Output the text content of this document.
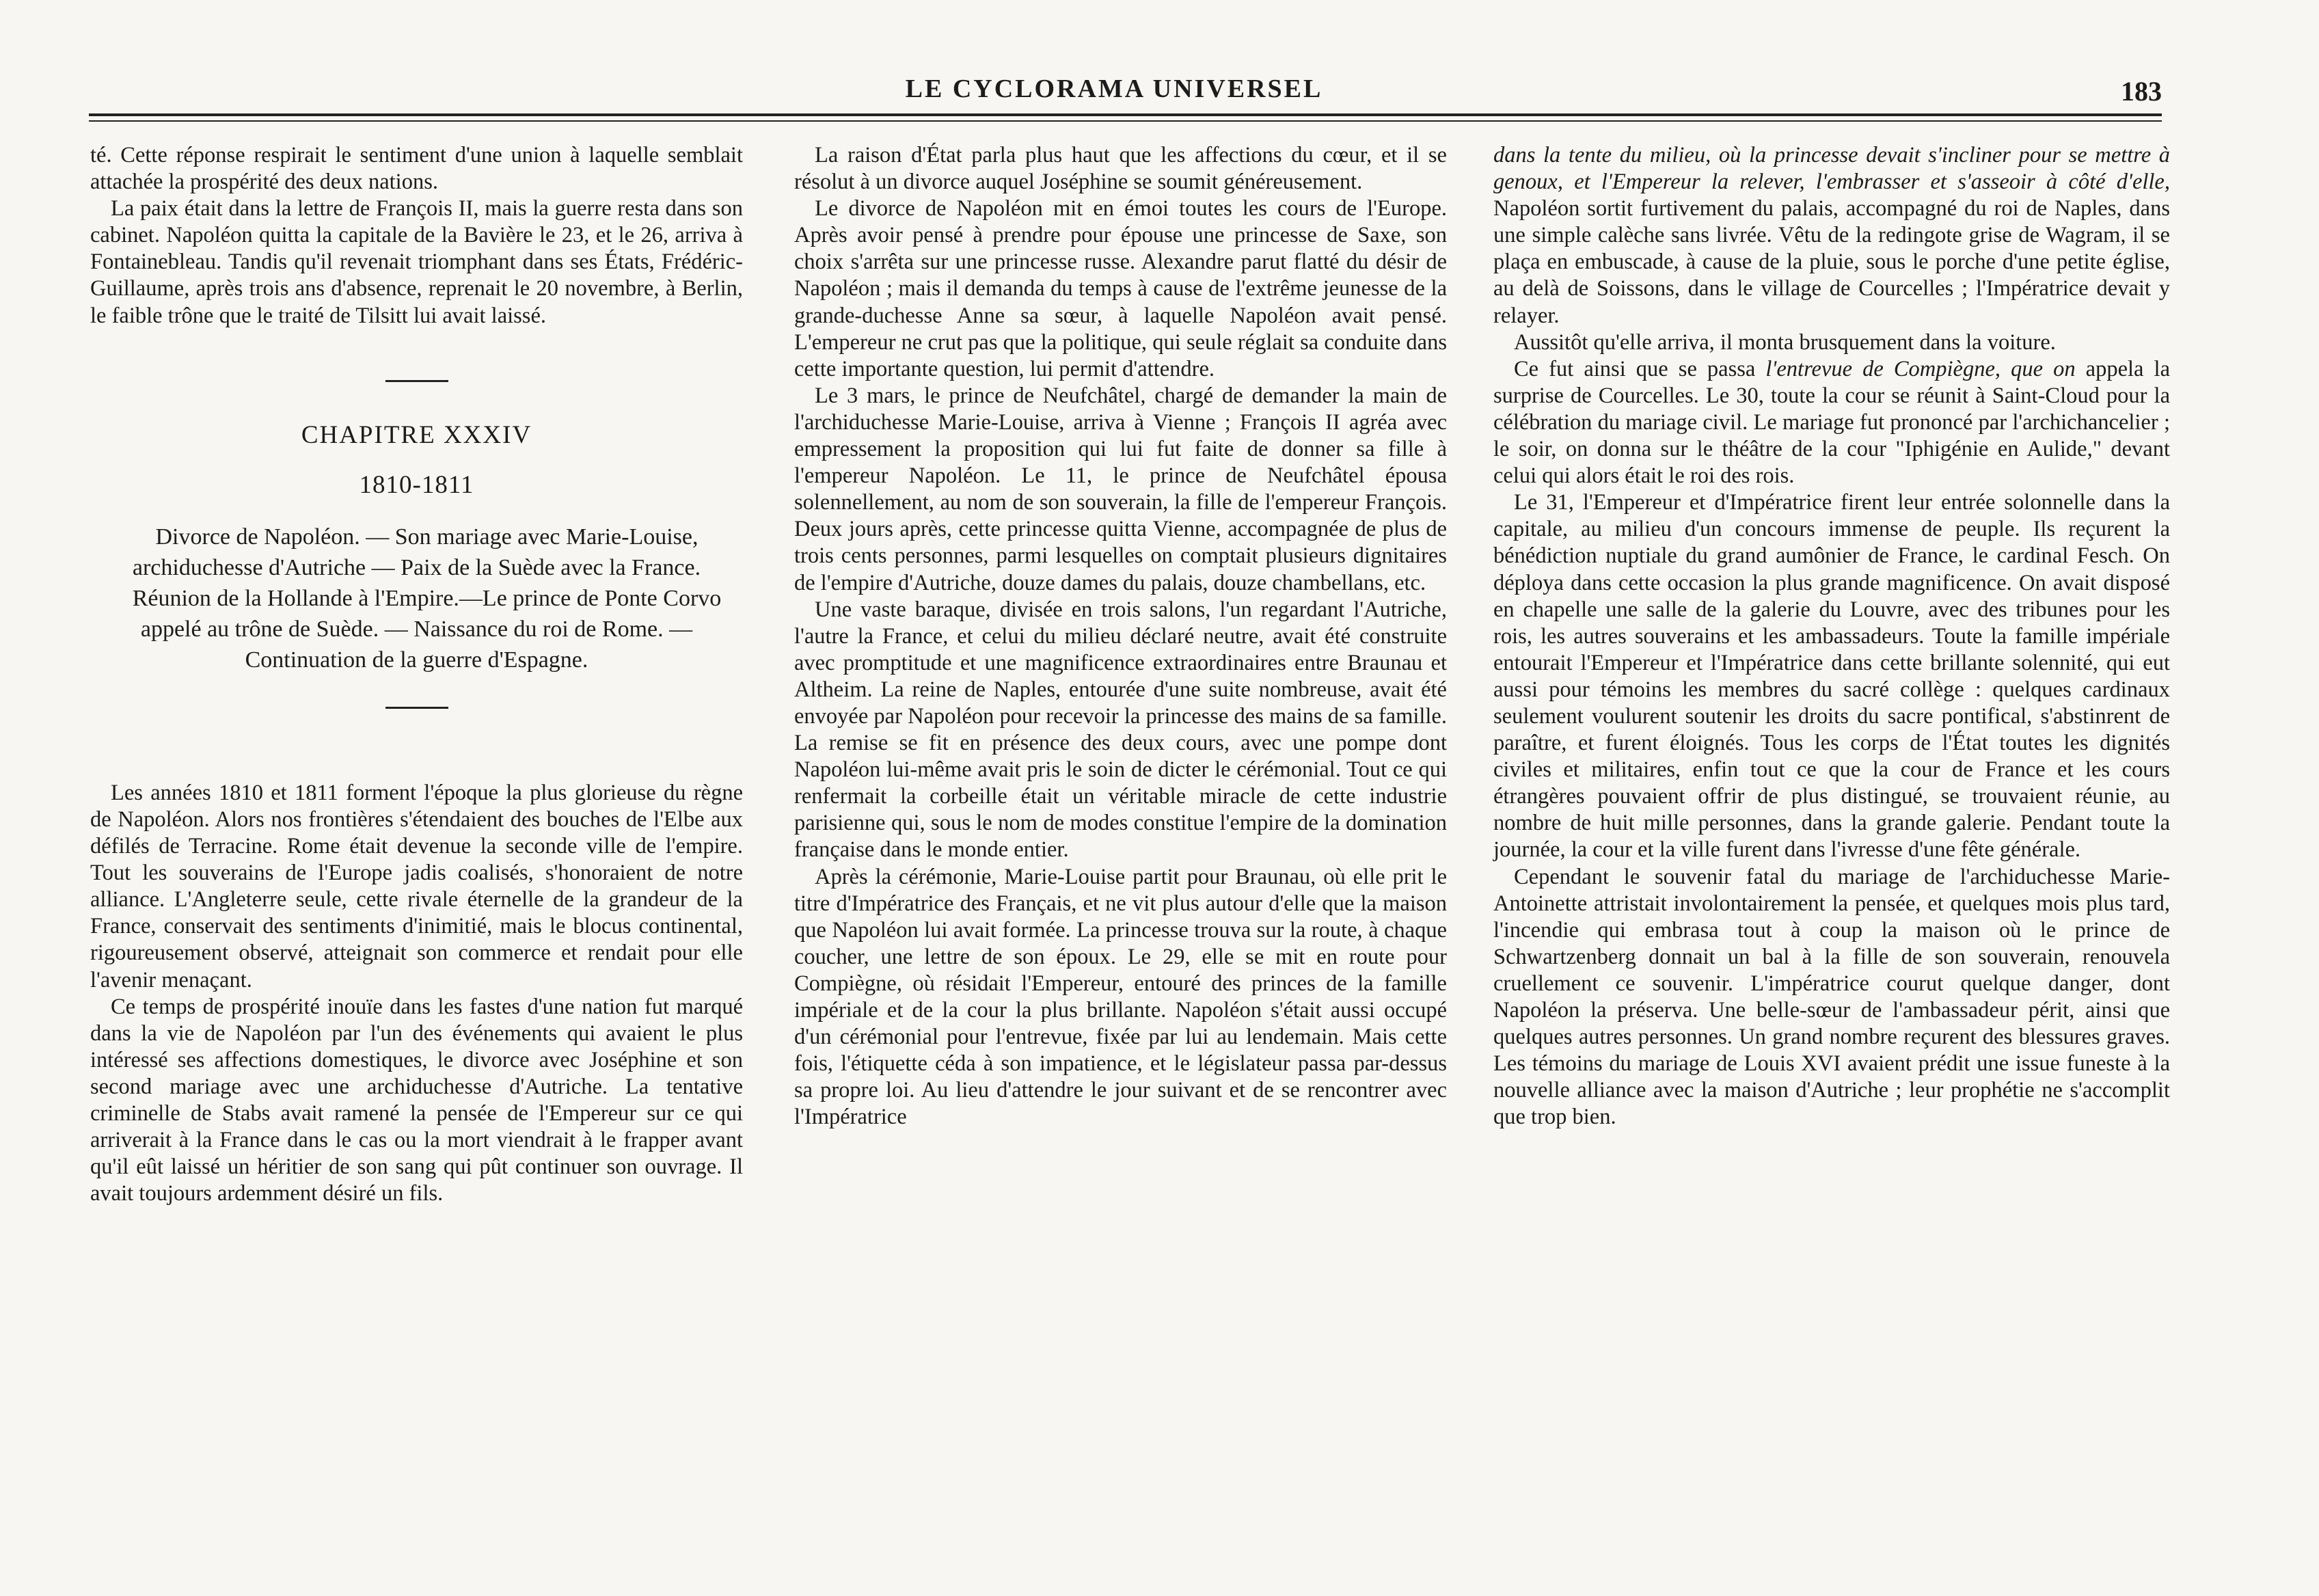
LE CYCLORAMA UNIVERSEL	183

té. Cette réponse respirait le sentiment d'une union à laquelle semblait attachée la prospérité des deux nations.

La paix était dans la lettre de François II, mais la guerre resta dans son cabinet. Napoléon quitta la capitale de la Bavière le 23, et le 26, arriva à Fontainebleau. Tandis qu'il revenait triomphant dans ses États, Frédéric-Guillaume, après trois ans d'absence, reprenait le 20 novembre, à Berlin, le faible trône que le traité de Tilsitt lui avait laissé.

CHAPITRE XXXIV
1810-1811

Divorce de Napoléon. — Son mariage avec Marie-Louise, archiduchesse d'Autriche — Paix de la Suède avec la France.

Réunion de la Hollande à l'Empire.—Le prince de Ponte Corvo appelé au trône de Suède. — Naissance du roi de Rome. — Continuation de la guerre d'Espagne.

Les années 1810 et 1811 forment l'époque la plus glorieuse du règne de Napoléon. Alors nos frontières s'étendaient des bouches de l'Elbe aux défilés de Terracine. Rome était devenue la seconde ville de l'empire. Tout les souverains de l'Europe jadis coalisés, s'honoraient de notre alliance. L'Angleterre seule, cette rivale éternelle de la grandeur de la France, conservait des sentiments d'inimitié, mais le blocus continental, rigoureusement observé, atteignait son commerce et rendait pour elle l'avenir menaçant.

Ce temps de prospérité inouïe dans les fastes d'une nation fut marqué dans la vie de Napoléon par l'un des événements qui avaient le plus intéressé ses affections domestiques, le divorce avec Joséphine et son second mariage avec une archiduchesse d'Autriche. La tentative criminelle de Stabs avait ramené la pensée de l'Empereur sur ce qui arriverait à la France dans le cas ou la mort viendrait à le frapper avant qu'il eût laissé un héritier de son sang qui pût continuer son ouvrage. Il avait toujours ardemment désiré un fils.

La raison d'État parla plus haut que les affections du cœur, et il se résolut à un divorce auquel Joséphine se soumit généreusement.

Le divorce de Napoléon mit en émoi toutes les cours de l'Europe. Après avoir pensé à prendre pour épouse une princesse de Saxe, son choix s'arrêta sur une princesse russe. Alexandre parut flatté du désir de Napoléon ; mais il demanda du temps à cause de l'extrême jeunesse de la grande-duchesse Anne sa sœur, à laquelle Napoléon avait pensé. L'empereur ne crut pas que la politique, qui seule réglait sa conduite dans cette importante question, lui permit d'attendre.

Le 3 mars, le prince de Neufchâtel, chargé de demander la main de l'archiduchesse Marie-Louise, arriva à Vienne ; François II agréa avec empressement la proposition qui lui fut faite de donner sa fille à l'empereur Napoléon. Le 11, le prince de Neufchâtel épousa solennellement, au nom de son souverain, la fille de l'empereur François. Deux jours après, cette princesse quitta Vienne, accompagnée de plus de trois cents personnes, parmi lesquelles on comptait plusieurs dignitaires de l'empire d'Autriche, douze dames du palais, douze chambellans, etc.

Une vaste baraque, divisée en trois salons, l'un regardant l'Autriche, l'autre la France, et celui du milieu déclaré neutre, avait été construite avec promptitude et une magnificence extraordinaires entre Braunau et Altheim. La reine de Naples, entourée d'une suite nombreuse, avait été envoyée par Napoléon pour recevoir la princesse des mains de sa famille. La remise se fit en présence des deux cours, avec une pompe dont Napoléon lui-même avait pris le soin de dicter le cérémonial. Tout ce qui renfermait la corbeille était un véritable miracle de cette industrie parisienne qui, sous le nom de modes constitue l'empire de la domination française dans le monde entier.

Après la cérémonie, Marie-Louise partit pour Braunau, où elle prit le titre d'Impératrice des Français, et ne vit plus autour d'elle que la maison que Napoléon lui avait formée. La princesse trouva sur la route, à chaque coucher, une lettre de son époux. Le 29, elle se mit en route pour Compiègne, où résidait l'Empereur, entouré des princes de la famille impériale et de la cour la plus brillante. Napoléon s'était aussi occupé d'un cérémonial pour l'entrevue, fixée par lui au lendemain. Mais cette fois, l'étiquette céda à son impatience, et le législateur passa par-dessus sa propre loi. Au lieu d'attendre le jour suivant et de se rencontrer avec l'Impératrice

dans la tente du milieu, où la princesse devait s'incliner pour se mettre à genoux, et l'Empereur la relever, l'embrasser et s'asseoir à côté d'elle, Napoléon sortit furtivement du palais, accompagné du roi de Naples, dans une simple calèche sans livrée. Vêtu de la redingote grise de Wagram, il se plaça en embuscade, à cause de la pluie, sous le porche d'une petite église, au delà de Soissons, dans le village de Courcelles ; l'Impératrice devait y relayer.

Aussitôt qu'elle arriva, il monta brusquement dans la voiture.

Ce fut ainsi que se passa l'entrevue de Compiègne, que on appela la surprise de Courcelles. Le 30, toute la cour se réunit à Saint-Cloud pour la célébration du mariage civil. Le mariage fut prononcé par l'archichancelier ; le soir, on donna sur le théâtre de la cour "Iphigénie en Aulide," devant celui qui alors était le roi des rois.

Le 31, l'Empereur et d'Impératrice firent leur entrée solonnelle dans la capitale, au milieu d'un concours immense de peuple. Ils reçurent la bénédiction nuptiale du grand aumônier de France, le cardinal Fesch. On déploya dans cette occasion la plus grande magnificence. On avait disposé en chapelle une salle de la galerie du Louvre, avec des tribunes pour les rois, les autres souverains et les ambassadeurs. Toute la famille impériale entourait l'Empereur et l'Impératrice dans cette brillante solennité, qui eut aussi pour témoins les membres du sacré collège : quelques cardinaux seulement voulurent soutenir les droits du sacre pontifical, s'abstinrent de paraître, et furent éloignés. Tous les corps de l'État toutes les dignités civiles et militaires, enfin tout ce que la cour de France et les cours étrangères pouvaient offrir de plus distingué, se trouvaient réunie, au nombre de huit mille personnes, dans la grande galerie. Pendant toute la journée, la cour et la ville furent dans l'ivresse d'une fête générale.

Cependant le souvenir fatal du mariage de l'archiduchesse Marie-Antoinette attristait involontairement la pensée, et quelques mois plus tard, l'incendie qui embrasa tout à coup la maison où le prince de Schwartzenberg donnait un bal à la fille de son souverain, renouvela cruellement ce souvenir. L'impératrice courut quelque danger, dont Napoléon la préserva. Une belle-sœur de l'ambassadeur périt, ainsi que quelques autres personnes. Un grand nombre reçurent des blessures graves. Les témoins du mariage de Louis XVI avaient prédit une issue funeste à la nouvelle alliance avec la maison d'Autriche ; leur prophétie ne s'accomplit que trop bien.
